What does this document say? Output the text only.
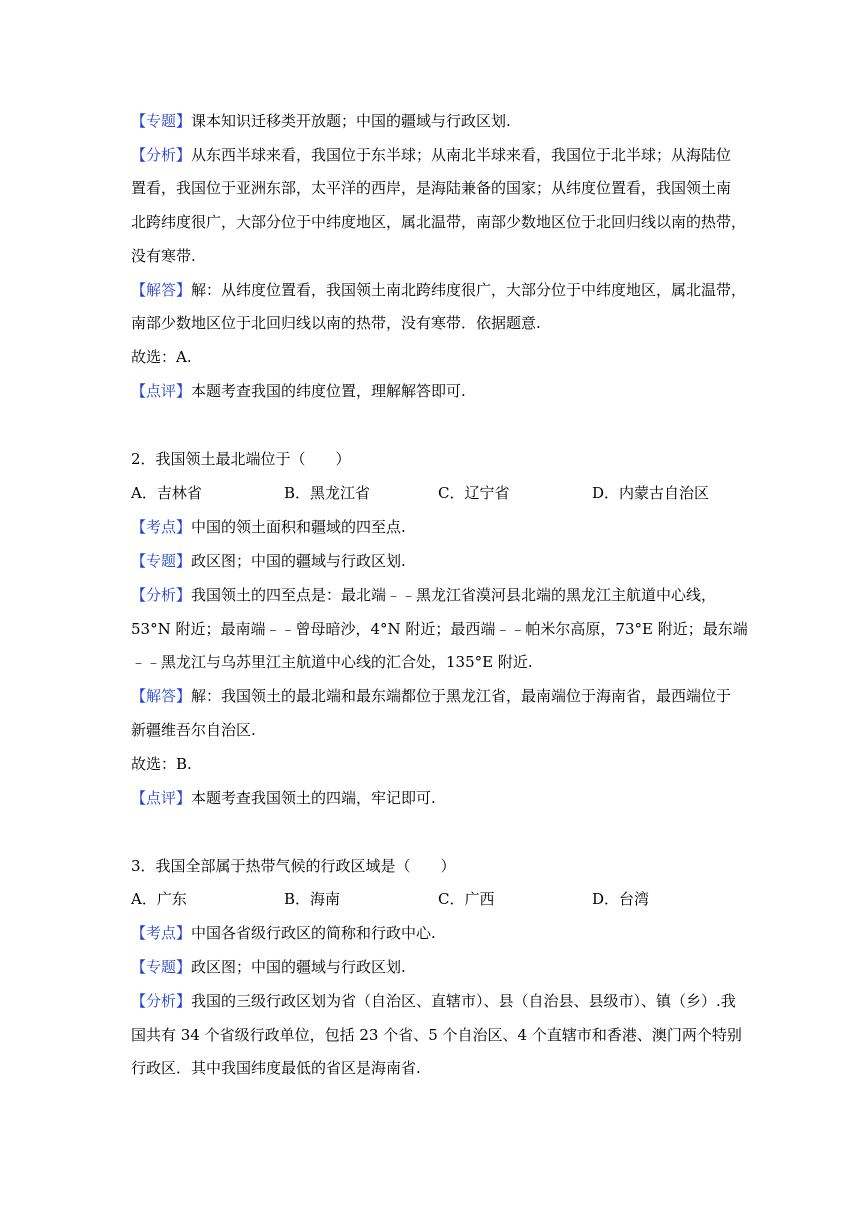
【专题】课本知识迁移类开放题；中国的疆域与行政区划.
【分析】从东西半球来看，我国位于东半球；从南北半球来看，我国位于北半球；从海陆位
置看，我国位于亚洲东部，太平洋的西岸，是海陆兼备的国家；从纬度位置看，我国领土南
北跨纬度很广，大部分位于中纬度地区，属北温带，南部少数地区位于北回归线以南的热带，
没有寒带.
【解答】解：从纬度位置看，我国领土南北跨纬度很广，大部分位于中纬度地区，属北温带，
南部少数地区位于北回归线以南的热带，没有寒带．依据题意.
故选：A.
【点评】本题考查我国的纬度位置，理解解答即可.
2．我国领土最北端位于（　　）
A．吉林省	B．黑龙江省	C．辽宁省	D．内蒙古自治区
【考点】中国的领土面积和疆域的四至点.
【专题】政区图；中国的疆域与行政区划.
【分析】我国领土的四至点是：最北端﹣﹣黑龙江省漠河县北端的黑龙江主航道中心线，
53°N 附近；最南端﹣﹣曾母暗沙，4°N 附近；最西端﹣﹣帕米尔高原，73°E 附近；最东端
﹣﹣黑龙江与乌苏里江主航道中心线的汇合处，135°E 附近.
【解答】解：我国领土的最北端和最东端都位于黑龙江省，最南端位于海南省，最西端位于
新疆维吾尔自治区.
故选：B.
【点评】本题考查我国领土的四端，牢记即可.
3．我国全部属于热带气候的行政区域是（　　）
A．广东	B．海南	C．广西	D．台湾
【考点】中国各省级行政区的简称和行政中心.
【专题】政区图；中国的疆域与行政区划.
【分析】我国的三级行政区划为省（自治区、直辖市）、县（自治县、县级市）、镇（乡）.我
国共有 34 个省级行政单位，包括 23 个省、5 个自治区、4 个直辖市和香港、澳门两个特别
行政区．其中我国纬度最低的省区是海南省.
